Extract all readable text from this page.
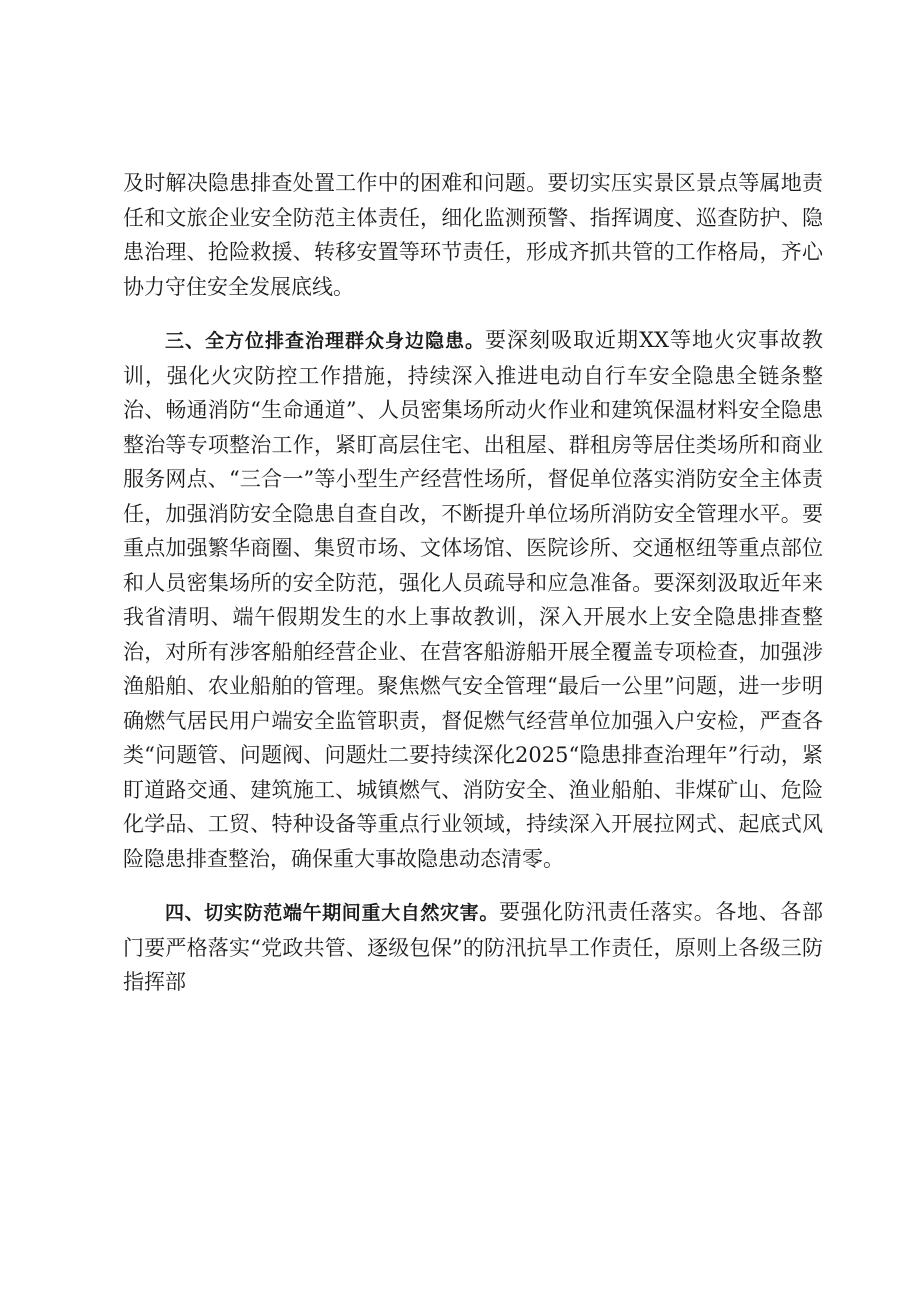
及时解决隐患排查处置工作中的困难和问题。要切实压实景区景点等属地责任和文旅企业安全防范主体责任，细化监测预警、指挥调度、巡查防护、隐患治理、抢险救援、转移安置等环节责任，形成齐抓共管的工作格局，齐心协力守住安全发展底线。

三、全方位排查治理群众身边隐患。要深刻吸取近期XX等地火灾事故教训，强化火灾防控工作措施，持续深入推进电动自行车安全隐患全链条整治、畅通消防“生命通道”、人员密集场所动火作业和建筑保温材料安全隐患整治等专项整治工作，紧盯高层住宅、出租屋、群租房等居住类场所和商业服务网点、“三合一”等小型生产经营性场所，督促单位落实消防安全主体责任，加强消防安全隐患自查自改，不断提升单位场所消防安全管理水平。要重点加强繁华商圈、集贸市场、文体场馆、医院诊所、交通枢纽等重点部位和人员密集场所的安全防范，强化人员疏导和应急准备。要深刻汲取近年来我省清明、端午假期发生的水上事故教训，深入开展水上安全隐患排查整治，对所有涉客船舶经营企业、在营客船游船开展全覆盖专项检查，加强涉渔船舶、农业船舶的管理。聚焦燃气安全管理“最后一公里”问题，进一步明确燃气居民用户端安全监管职责，督促燃气经营单位加强入户安检，严查各类“问题管、问题阀、问题灶二要持续深化2025“隐患排查治理年”行动，紧盯道路交通、建筑施工、城镇燃气、消防安全、渔业船舶、非煤矿山、危险化学品、工贸、特种设备等重点行业领域，持续深入开展拉网式、起底式风险隐患排查整治，确保重大事故隐患动态清零。

四、切实防范端午期间重大自然灾害。要强化防汛责任落实。各地、各部门要严格落实“党政共管、逐级包保”的防汛抗旱工作责任，原则上各级三防指挥部
